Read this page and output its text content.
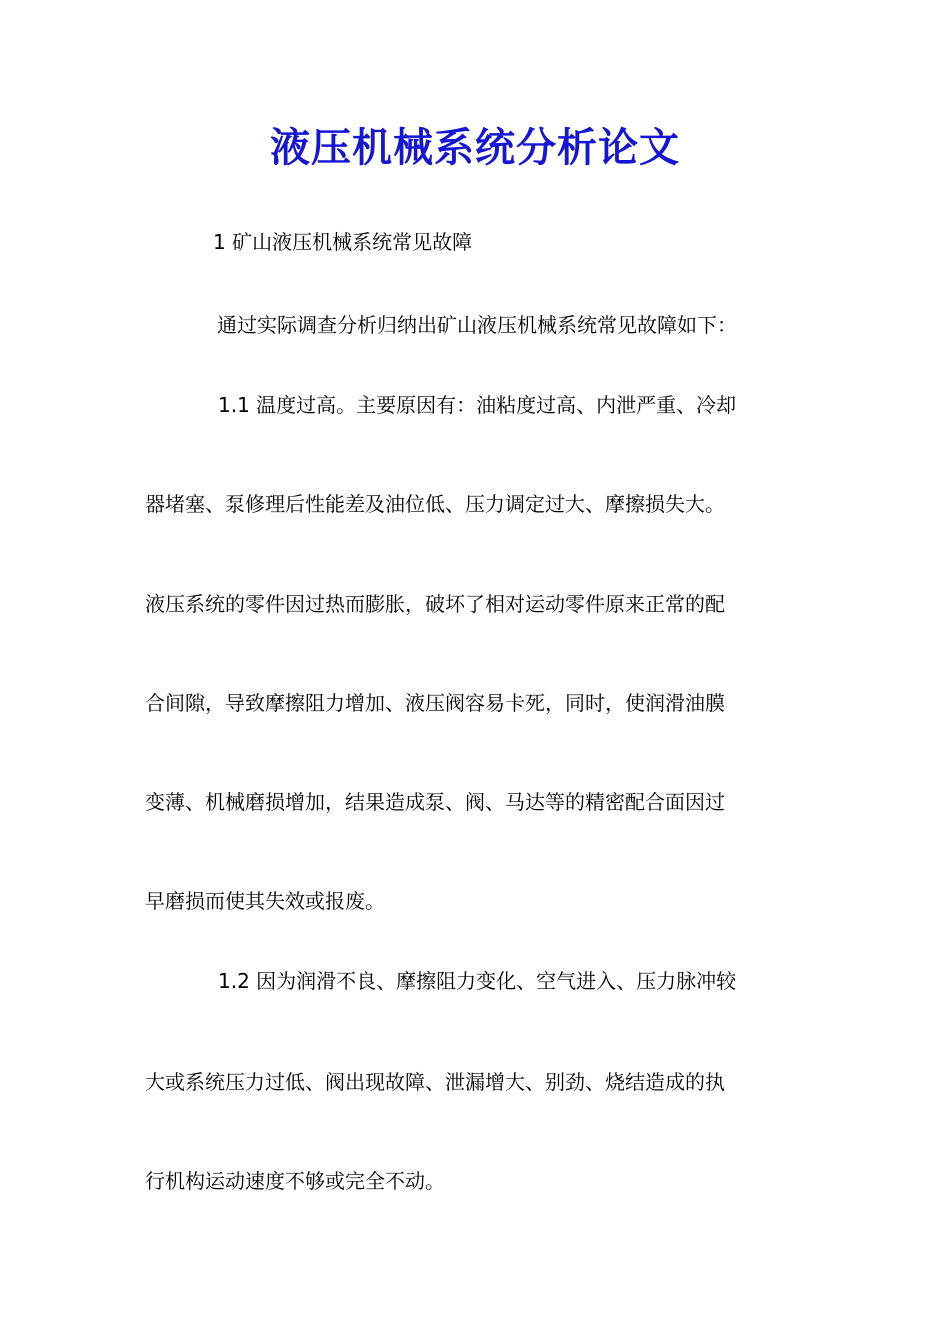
液压机械系统分析论文
1 矿山液压机械系统常见故障
通过实际调查分析归纳出矿山液压机械系统常见故障如下：
1.1 温度过高。主要原因有：油粘度过高、内泄严重、冷却
器堵塞、泵修理后性能差及油位低、压力调定过大、摩擦损失大。
液压系统的零件因过热而膨胀，破坏了相对运动零件原来正常的配
合间隙，导致摩擦阻力增加、液压阀容易卡死，同时，使润滑油膜
变薄、机械磨损增加，结果造成泵、阀、马达等的精密配合面因过
早磨损而使其失效或报废。
1.2 因为润滑不良、摩擦阻力变化、空气进入、压力脉冲较
大或系统压力过低、阀出现故障、泄漏增大、别劲、烧结造成的执
行机构运动速度不够或完全不动。
